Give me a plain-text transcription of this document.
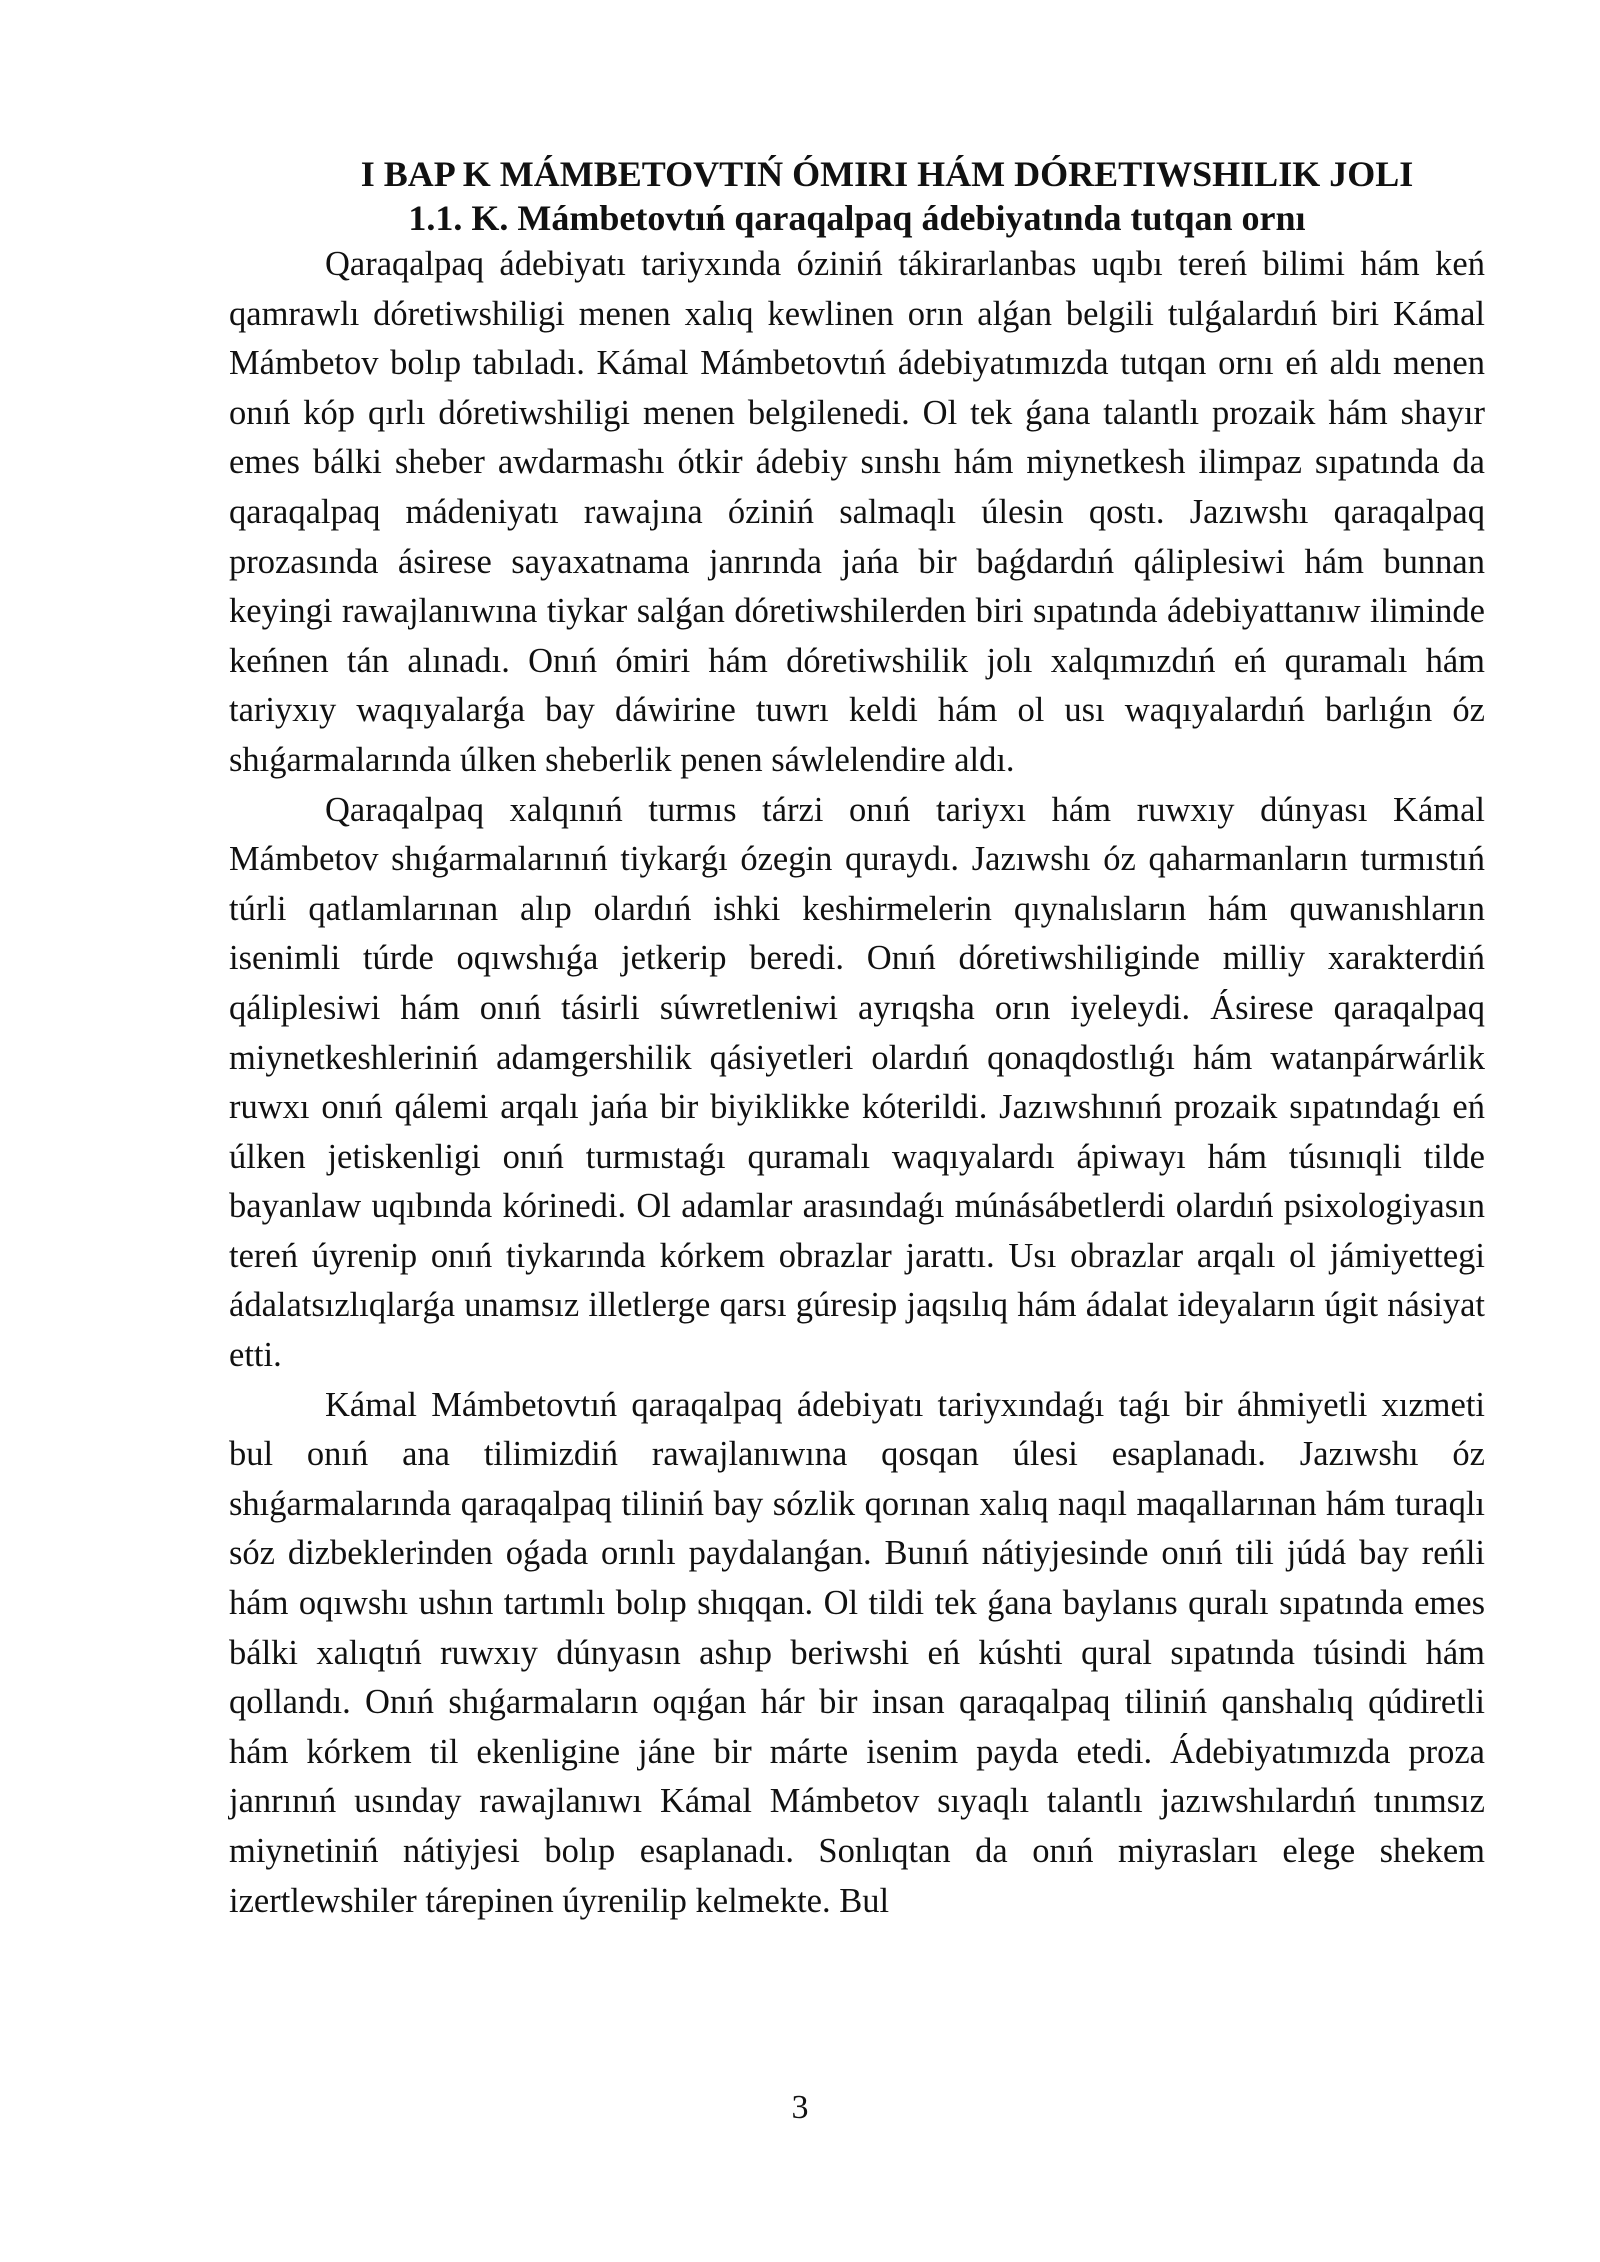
I BAP K MÁMBETOVTIŃ ÓMIRI HÁM DÓRETIWSHILIK JOLI
1.1. K. Mámbetovtıń qaraqalpaq ádebiyatında tutqan ornı

Qaraqalpaq ádebiyatı tariyxında óziniń tákirarlanbas uqıbı tereń bilimi hám keń qamrawlı dóretiwshiligi menen xalıq kewlinen orın alǵan belgili tulǵalardıń biri Kámal Mámbetov bolıp tabıladı. Kámal Mámbetovtıń ádebiyatımızda tutqan ornı eń aldı menen onıń kóp qırlı dóretiwshiligi menen belgilenedi. Ol tek ǵana talantlı prozaik hám shayır emes bálki sheber awdarmashı ótkir ádebiy sınshı hám miynetkesh ilimpaz sıpatında da qaraqalpaq mádeniyatı rawajına óziniń salmaqlı úlesin qostı. Jazıwshı qaraqalpaq prozasında ásirese sayaxatnama janrında jańa bir baǵdardıń qáliplesiwi hám bunnan keyingi rawajlanıwına tiykar salǵan dóretiwshilerden biri sıpatında ádebiyattanıw iliminde keńnen tán alınadı. Onıń ómiri hám dóretiwshilik jolı xalqımızdıń eń quramalı hám tariyxıy waqıyalarǵa bay dáwirine tuwrı keldi hám ol usı waqıyalardıń barlıǵın óz shıǵarmalarında úlken sheberlik penen sáwlelendire aldı.

Qaraqalpaq xalqınıń turmıs tárzi onıń tariyxı hám ruwxıy dúnyası Kámal Mámbetov shıǵarmalarınıń tiykarǵı ózegin quraydı. Jazıwshı óz qaharmanların turmıstıń túrli qatlamlarınan alıp olardıń ishki keshirmelerin qıynalısların hám quwanıshların isenimli túrde oqıwshıǵa jetkerip beredi. Onıń dóretiwshiliginde milliy xarakterdiń qáliplesiwi hám onıń tásirli súwretleniwi ayrıqsha orın iyeleydi. Ásirese qaraqalpaq miynetkeshleriniń adamgershilik qásiyetleri olardıń qonaqdostlıǵı hám watanpárwárlik ruwxı onıń qálemi arqalı jańa bir biyiklikke kóterildi. Jazıwshınıń prozaik sıpatındaǵı eń úlken jetiskenligi onıń turmıstaǵı quramalı waqıyalardı ápiwayı hám túsınıqli tilde bayanlaw uqıbında kórinedi. Ol adamlar arasındaǵı múnásábetlerdi olardıń psixologiyasın tereń úyrenip onıń tiykarında kórkem obrazlar jarattı. Usı obrazlar arqalı ol jámiyettegi ádalatsızlıqlarǵa unamsız illetlerge qarsı gúresip jaqsılıq hám ádalat ideyaların úgit násiyat etti.

Kámal Mámbetovtıń qaraqalpaq ádebiyatı tariyxındaǵı taǵı bir áhmiyetli xızmeti bul onıń ana tilimizdiń rawajlanıwına qosqan úlesi esaplanadı. Jazıwshı óz shıǵarmalarında qaraqalpaq tiliniń bay sózlik qorınan xalıq naqıl maqallarınan hám turaqlı sóz dizbeklerinden oǵada orınlı paydalanǵan. Bunıń nátiyjesinde onıń tili júdá bay reńli hám oqıwshı ushın tartımlı bolıp shıqqan. Ol tildi tek ǵana baylanıs quralı sıpatında emes bálki xalıqtıń ruwxıy dúnyasın ashıp beriwshi eń kúshti qural sıpatında túsindi hám qollandı. Onıń shıǵarmaların oqıǵan hár bir insan qaraqalpaq tiliniń qanshalıq qúdiretli hám kórkem til ekenligine jáne bir márte isenim payda etedi. Ádebiyatımızda proza janrınıń usınday rawajlanıwı Kámal Mámbetov sıyaqlı talantlı jazıwshılardıń tınımsız miynetiniń nátiyjesi bolıp esaplanadı. Sonlıqtan da onıń miyrasları elege shekem izertlewshiler tárepinen úyrenilip kelmekte. Bul

3
